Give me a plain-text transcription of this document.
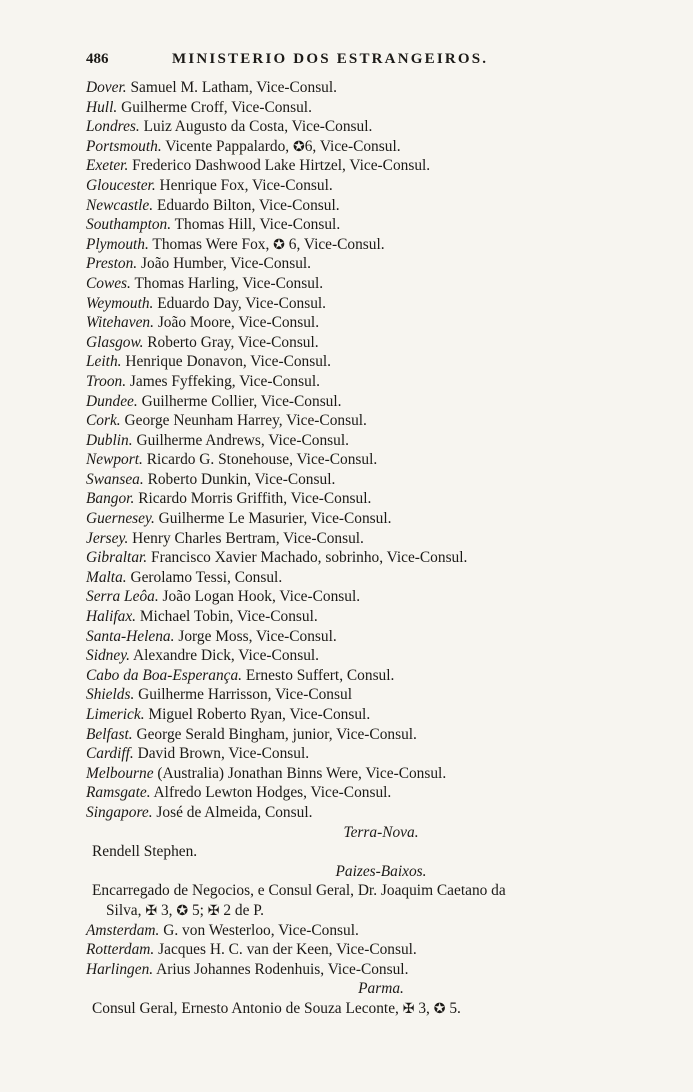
486	MINISTERIO DOS ESTRANGEIROS.
Dover. Samuel M. Latham, Vice-Consul.
Hull. Guilherme Croff, Vice-Consul.
Londres. Luiz Augusto da Costa, Vice-Consul.
Portsmouth. Vicente Pappalardo, ✪6, Vice-Consul.
Exeter. Frederico Dashwood Lake Hirtzel, Vice-Consul.
Gloucester. Henrique Fox, Vice-Consul.
Newcastle. Eduardo Bilton, Vice-Consul.
Southampton. Thomas Hill, Vice-Consul.
Plymouth. Thomas Were Fox, ✪ 6, Vice-Consul.
Preston. João Humber, Vice-Consul.
Cowes. Thomas Harling, Vice-Consul.
Weymouth. Eduardo Day, Vice-Consul.
Witehaven. João Moore, Vice-Consul.
Glasgow. Roberto Gray, Vice-Consul.
Leith. Henrique Donavon, Vice-Consul.
Troon. James Fyffeking, Vice-Consul.
Dundee. Guilherme Collier, Vice-Consul.
Cork. George Neunham Harrey, Vice-Consul.
Dublin. Guilherme Andrews, Vice-Consul.
Newport. Ricardo G. Stonehouse, Vice-Consul.
Swansea. Roberto Dunkin, Vice-Consul.
Bangor. Ricardo Morris Griffith, Vice-Consul.
Guernesey. Guilherme Le Masurier, Vice-Consul.
Jersey. Henry Charles Bertram, Vice-Consul.
Gibraltar. Francisco Xavier Machado, sobrinho, Vice-Consul.
Malta. Gerolamo Tessi, Consul.
Serra Leôa. João Logan Hook, Vice-Consul.
Halifax. Michael Tobin, Vice-Consul.
Santa-Helena. Jorge Moss, Vice-Consul.
Sidney. Alexandre Dick, Vice-Consul.
Cabo da Boa-Esperança. Ernesto Suffert, Consul.
Shields. Guilherme Harrisson, Vice-Consul
Limerick. Miguel Roberto Ryan, Vice-Consul.
Belfast. George Serald Bingham, junior, Vice-Consul.
Cardiff. David Brown, Vice-Consul.
Melbourne (Australia) Jonathan Binns Were, Vice-Consul.
Ramsgate. Alfredo Lewton Hodges, Vice-Consul.
Singapore. José de Almeida, Consul.
Terra-Nova.
Rendell Stephen.
Paizes-Baixos.
Encarregado de Negocios, e Consul Geral, Dr. Joaquim Caetano da
Silva, ✠ 3, ✪ 5; ✠ 2 de P.
Amsterdam. G. von Westerloo, Vice-Consul.
Rotterdam. Jacques H. C. van der Keen, Vice-Consul.
Harlingen. Arius Johannes Rodenhuis, Vice-Consul.
Parma.
Consul Geral, Ernesto Antonio de Souza Leconte, ✠ 3, ✪ 5.
